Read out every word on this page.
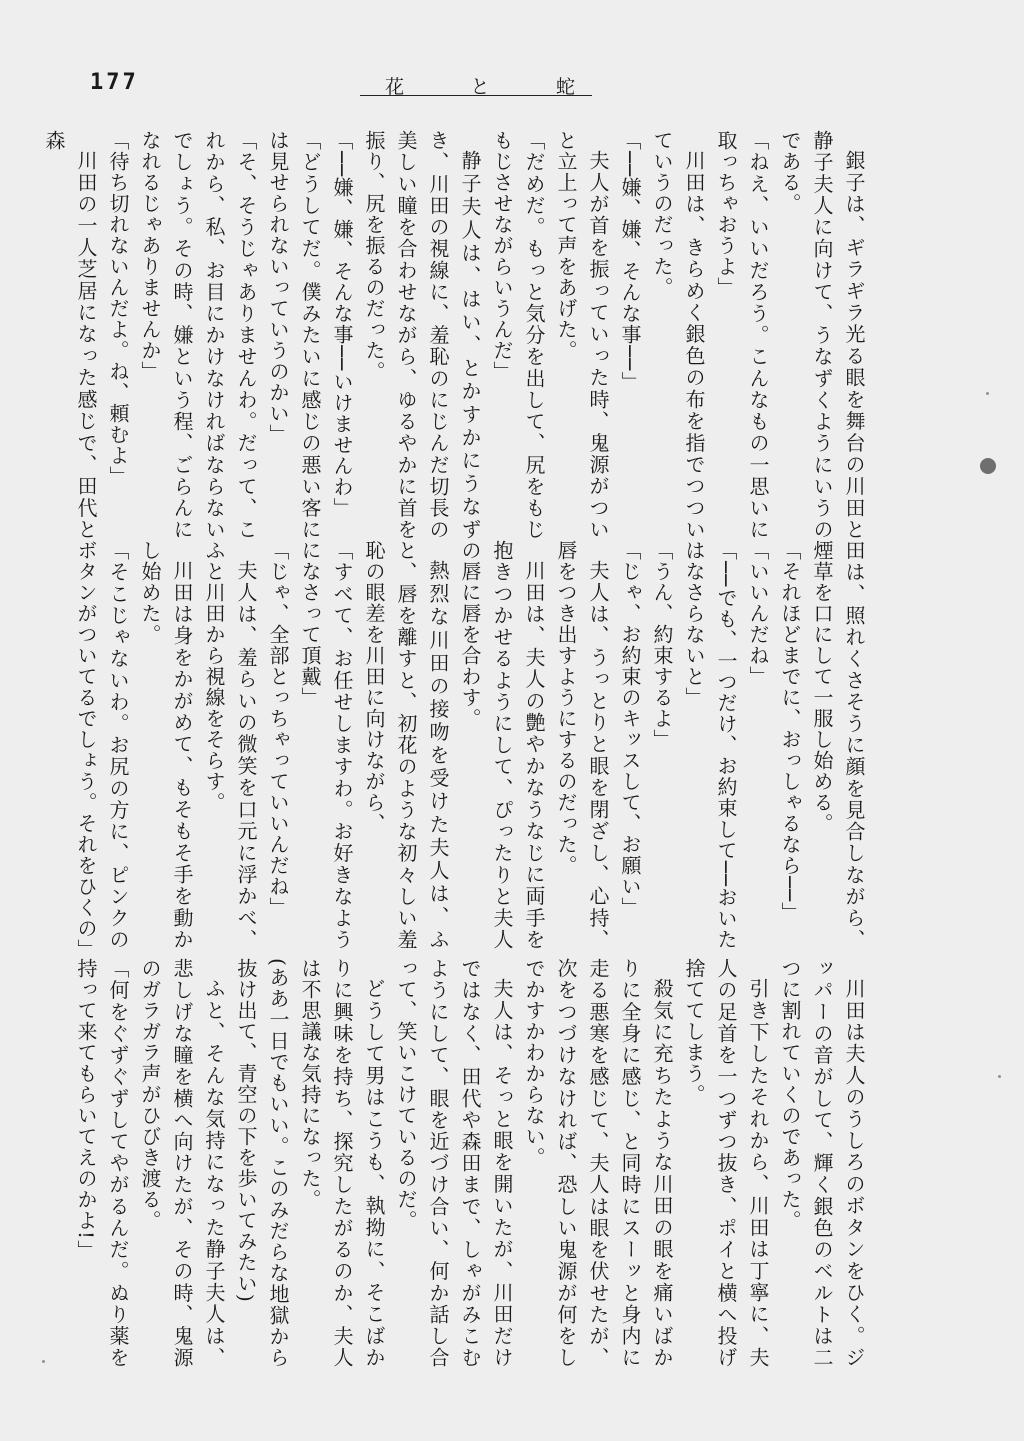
177	花	と	蛇

銀子は、ギラギラ光る眼を舞台の川田と静子夫人に向けて、うなずくようにいうのである。

「ねえ、いいだろう。こんなもの一思いに取っちゃおうよ」

川田は、きらめく銀色の布を指でつついていうのだった。

「──嫌、嫌、そんな事──」

夫人が首を振っていった時、鬼源がついと立上って声をあげた。

「だめだ。もっと気分を出して、尻をもじもじさせながらいうんだ」

静子夫人は、はい、とかすかにうなずき、川田の視線に、羞恥のにじんだ切長の美しい瞳を合わせながら、ゆるやかに首を振り、尻を振るのだった。

「──嫌、嫌、そんな事──いけませんわ」

「どうしてだ。僕みたいに感じの悪い客には見せられないっていうのかい」

「そ、そうじゃありませんわ。だって、これから、私、お目にかけなければならないでしょう。その時、嫌という程、ごらんになれるじゃありませんか」

「待ち切れないんだよ。ね、頼むよ」

川田の一人芝居になった感じで、田代と森

田は、照れくさそうに顔を見合しながら、煙草を口にして一服し始める。

「それほどまでに、おっしゃるなら──」

「いいんだね」

「──でも、一つだけ、お約束して──おいたはなさらないと」

「うん、約束するよ」

「じゃ、お約束のキッスして、お願い」

夫人は、うっとりと眼を閉ざし、心持、唇をつき出すようにするのだった。

川田は、夫人の艶やかなうなじに両手を抱きつかせるようにして、ぴったりと夫人の唇に唇を合わす。

熱烈な川田の接吻を受けた夫人は、ふと、唇を離すと、初花のような初々しい羞恥の眼差を川田に向けながら、

「すべて、お任せしますわ。お好きなようになさって頂戴」

「じゃ、全部とっちゃっていいんだね」

夫人は、羞らいの微笑を口元に浮かべ、ふと川田から視線をそらす。

川田は身をかがめて、もそもそ手を動かし始めた。

「そこじゃないわ。お尻の方に、ピンクのボタンがついてるでしょう。それをひくの」

川田は夫人のうしろのボタンをひく。ジッパーの音がして、輝く銀色のベルトは二つに割れていくのであった。

引き下したそれから、川田は丁寧に、夫人の足首を一つずつ抜き、ポイと横へ投げ捨ててしまう。

殺気に充ちたような川田の眼を痛いばかりに全身に感じ、と同時にスーッと身内に走る悪寒を感じて、夫人は眼を伏せたが、次をつづけなければ、恐しい鬼源が何をしでかすかわからない。

夫人は、そっと眼を開いたが、川田だけではなく、田代や森田まで、しゃがみこむようにして、眼を近づけ合い、何か話し合って、笑いこけているのだ。

どうして男はこうも、執拗に、そこばかりに興味を持ち、探究したがるのか、夫人は不思議な気持になった。

(ああ一日でもいい。このみだらな地獄から抜け出て、青空の下を歩いてみたい)

ふと、そんな気持になった静子夫人は、悲しげな瞳を横へ向けたが、その時、鬼源のガラガラ声がひびき渡る。

「何をぐずぐずしてやがるんだ。ぬり薬を持って来てもらいてえのかよ!」
